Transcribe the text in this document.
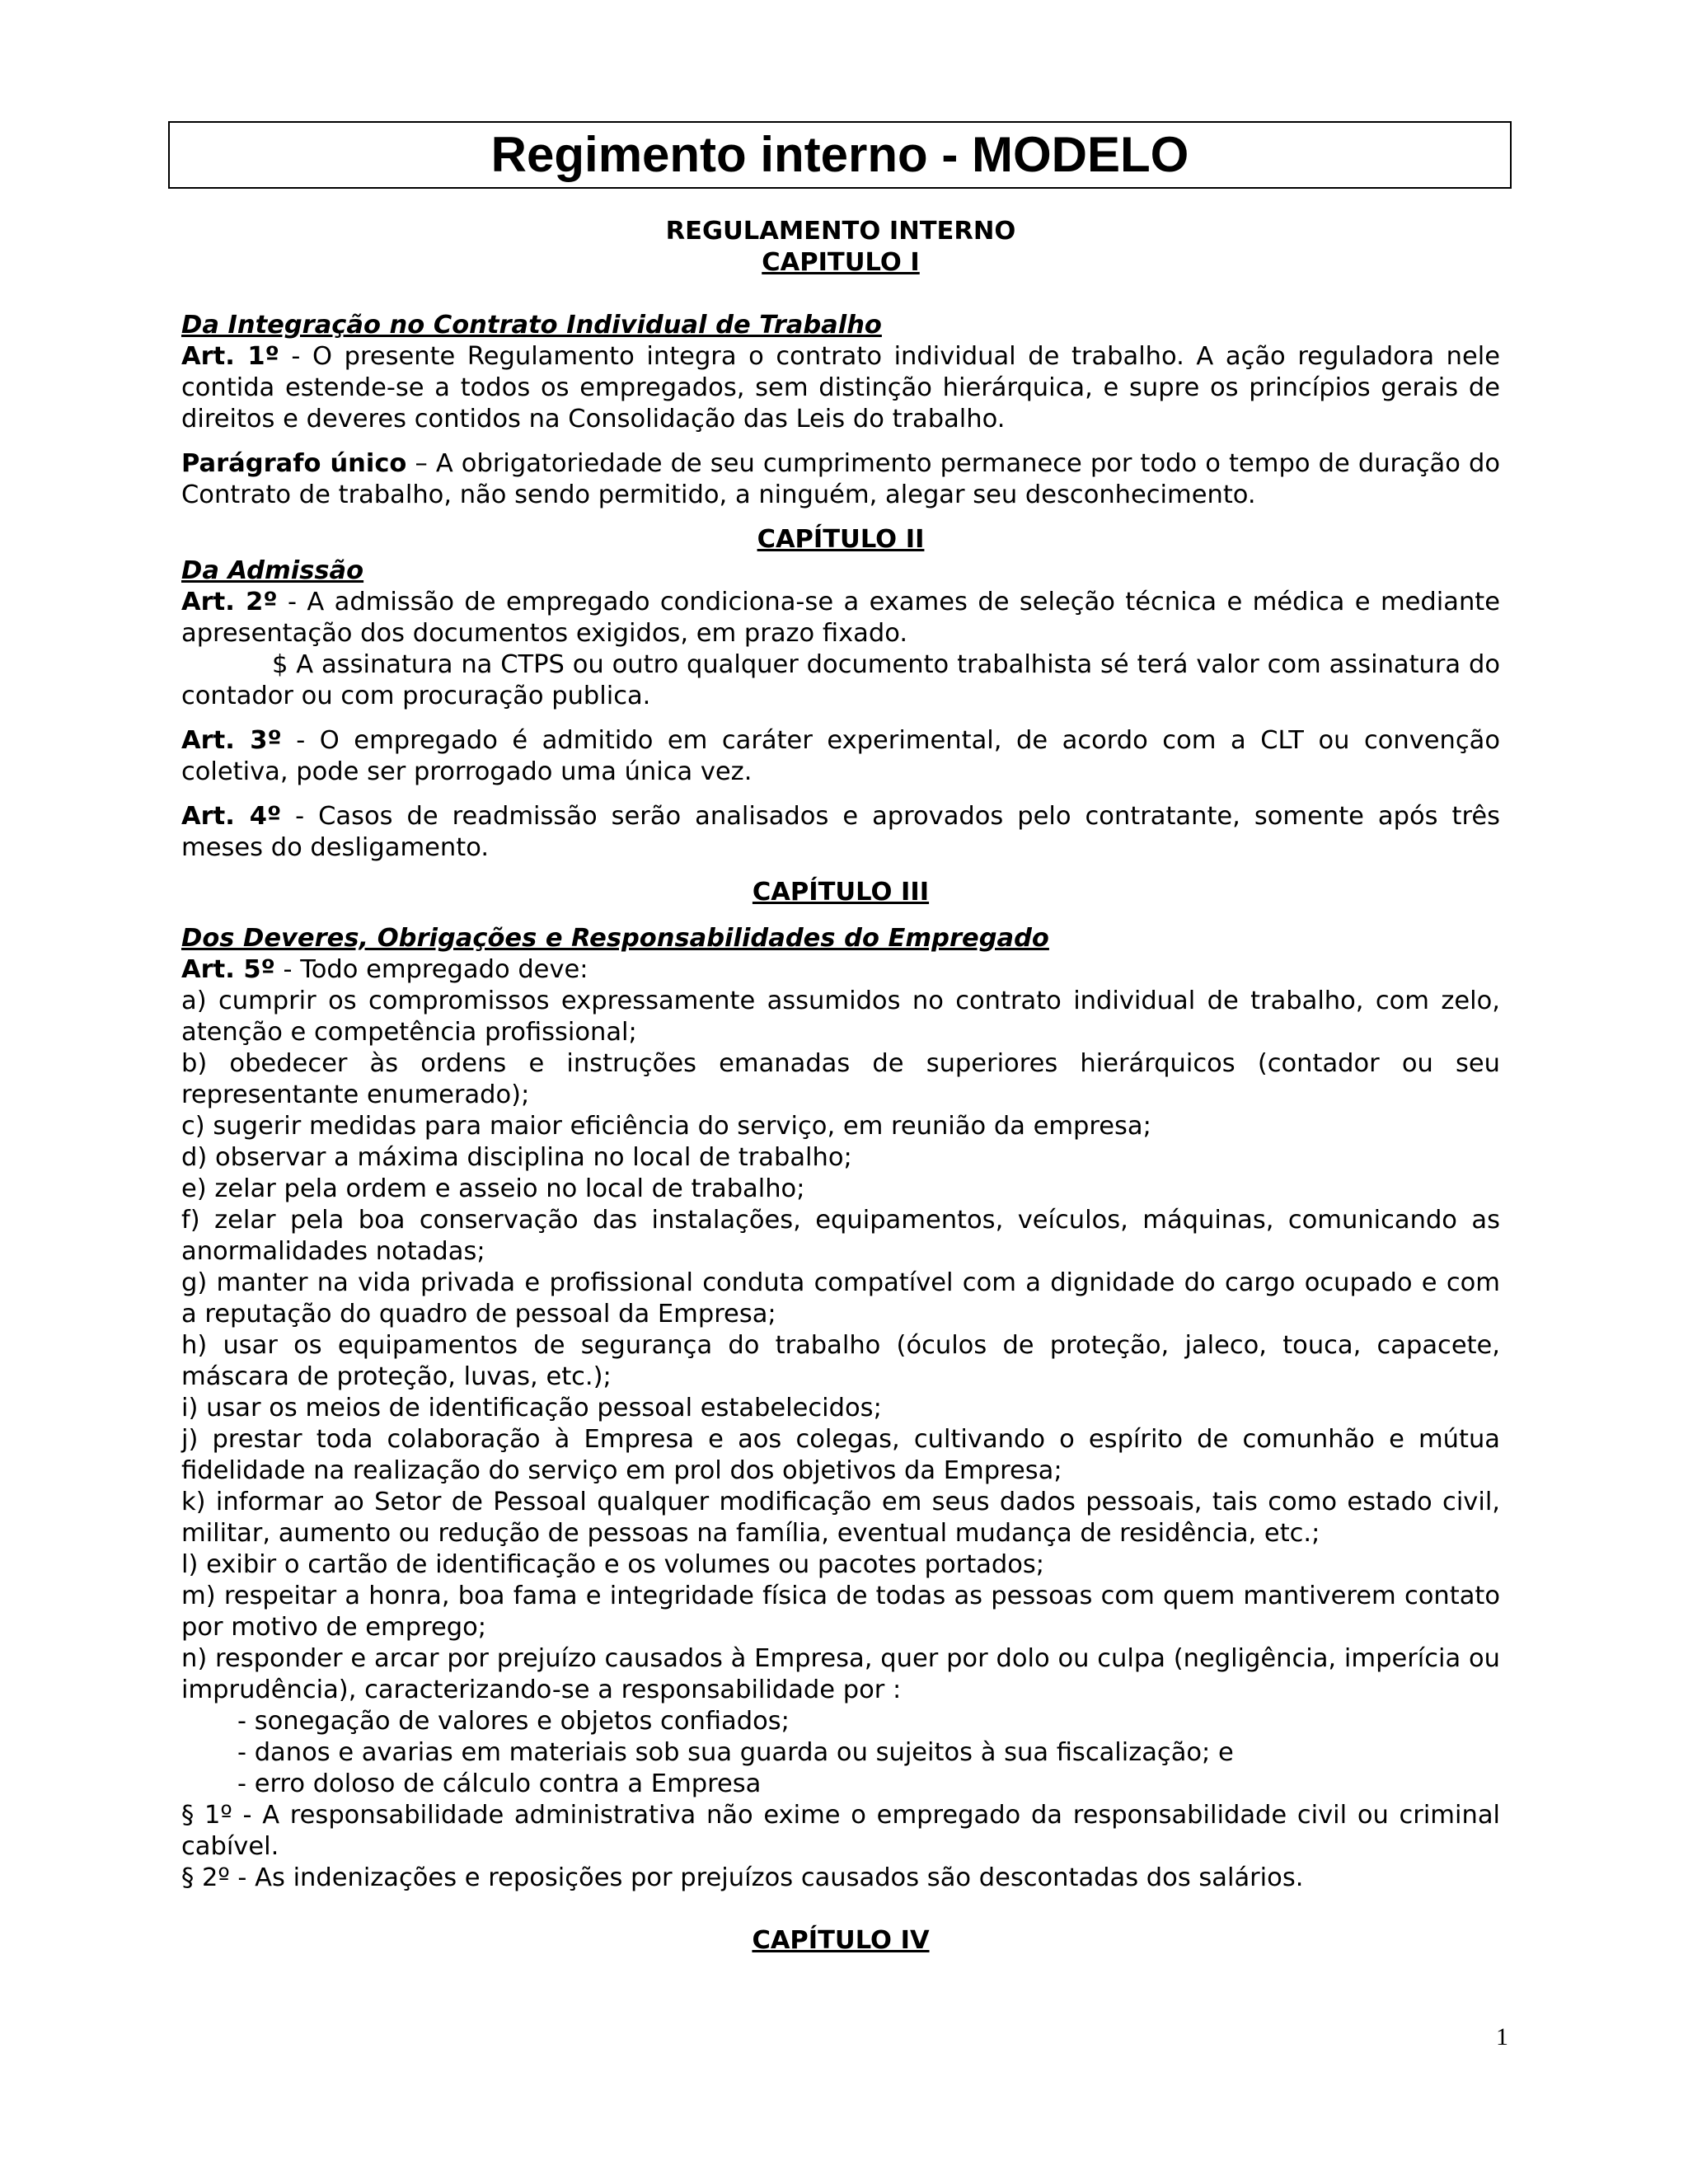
Regimento interno - MODELO

REGULAMENTO INTERNO

CAPITULO I

Da Integração no Contrato Individual de Trabalho

Art. 1º - O presente Regulamento integra o contrato individual de trabalho. A ação reguladora nele contida estende-se a todos os empregados, sem distinção hierárquica, e supre os princípios gerais de direitos e deveres contidos na Consolidação das Leis do trabalho.

Parágrafo único – A obrigatoriedade de seu cumprimento permanece por todo o tempo de duração do Contrato de trabalho, não sendo permitido, a ninguém, alegar seu desconhecimento.

CAPÍTULO II

Da Admissão

Art. 2º - A admissão de empregado condiciona-se a exames de seleção técnica e médica e mediante apresentação dos documentos exigidos, em prazo fixado.

$ A assinatura na CTPS ou outro qualquer documento trabalhista sé terá valor com assinatura do contador ou com procuração publica.

Art. 3º - O empregado é admitido em caráter experimental, de acordo com a CLT ou convenção coletiva, pode ser prorrogado uma única vez.

Art. 4º - Casos de readmissão serão analisados e aprovados pelo contratante, somente após três meses do desligamento.

CAPÍTULO III

Dos Deveres, Obrigações e Responsabilidades do Empregado

Art. 5º - Todo empregado deve:

a) cumprir os compromissos expressamente assumidos no contrato individual de trabalho, com zelo, atenção e competência profissional;

b) obedecer às ordens e instruções emanadas de superiores hierárquicos (contador ou seu representante enumerado);

c) sugerir medidas para maior eficiência do serviço, em reunião da empresa;

d) observar a máxima disciplina no local de trabalho;

e) zelar pela ordem e asseio no local de trabalho;

f) zelar pela boa conservação das instalações, equipamentos, veículos, máquinas, comunicando as anormalidades notadas;

g) manter na vida privada e profissional conduta compatível com a dignidade do cargo ocupado e com a reputação do quadro de pessoal da Empresa;

h) usar os equipamentos de segurança do trabalho (óculos de proteção, jaleco, touca, capacete, máscara de proteção, luvas, etc.);

i) usar os meios de identificação pessoal estabelecidos;

j) prestar toda colaboração à Empresa e aos colegas, cultivando o espírito de comunhão e mútua fidelidade na realização do serviço em prol dos objetivos da Empresa;

k) informar ao Setor de Pessoal qualquer modificação em seus dados pessoais, tais como estado civil, militar, aumento ou redução de pessoas na família, eventual mudança de residência, etc.;

l) exibir o cartão de identificação e os volumes ou pacotes portados;

m) respeitar a honra, boa fama e integridade física de todas as pessoas com quem mantiverem contato por motivo de emprego;

n) responder e arcar por prejuízo causados à Empresa, quer por dolo ou culpa (negligência, imperícia ou imprudência), caracterizando-se a responsabilidade por :

- sonegação de valores e objetos confiados;

- danos e avarias em materiais sob sua guarda ou sujeitos à sua fiscalização; e

- erro doloso de cálculo contra a Empresa

§ 1º - A responsabilidade administrativa não exime o empregado da responsabilidade civil ou criminal cabível.

§ 2º - As indenizações e reposições por prejuízos causados são descontadas dos salários.

CAPÍTULO IV

1
